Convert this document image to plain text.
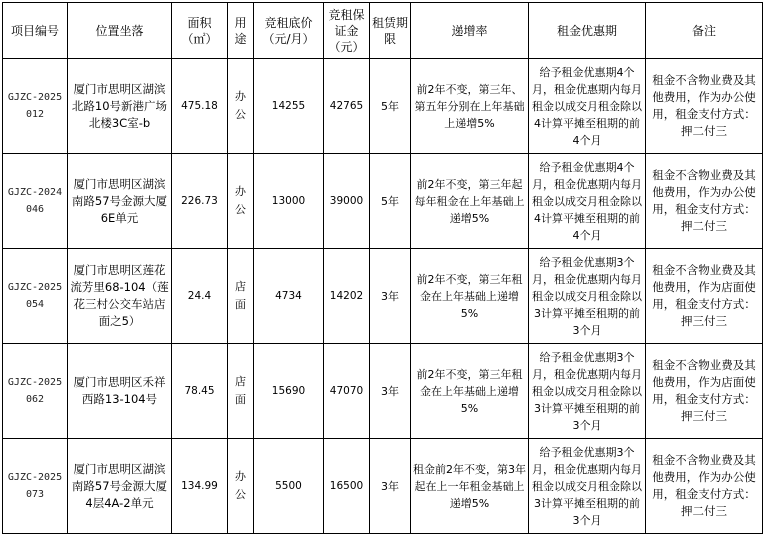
项目编号	位置坐落	面积（㎡）	用途	竞租底价（元/月）	竞租保证金（元）	租赁期限	递增率	租金优惠期	备注
GJZC-2025012	厦门市思明区湖滨北路10号新港广场北楼3C室-b	475.18	办公	14255	42765	5年	前2年不变，第三年、第五年分别在上年基础上递增5%	给予租金优惠期4个月，租金优惠期内每月租金以成交月租金除以4计算平摊至租期的前4个月	租金不含物业费及其他费用，作为办公使用，租金支付方式：押二付三
GJZC-2024046	厦门市思明区湖滨南路57号金源大厦6E单元	226.73	办公	13000	39000	5年	前2年不变，第三年起每年租金在上年基础上递增5%	给予租金优惠期4个月，租金优惠期内每月租金以成交月租金除以4计算平摊至租期的前4个月	租金不含物业费及其他费用，作为办公使用，租金支付方式：押二付三
GJZC-2025054	厦门市思明区莲花流芳里68-104（莲花三村公交车站店面之5）	24.4	店面	4734	14202	3年	前2年不变，第三年租金在上年基础上递增5%	给予租金优惠期3个月，租金优惠期内每月租金以成交月租金除以3计算平摊至租期的前3个月	租金不含物业费及其他费用，作为店面使用，租金支付方式：押三付三
GJZC-2025062	厦门市思明区禾祥西路13-104号	78.45	店面	15690	47070	3年	前2年不变，第三年租金在上年基础上递增5%	给予租金优惠期3个月，租金优惠期内每月租金以成交月租金除以3计算平摊至租期的前3个月	租金不含物业费及其他费用，作为店面使用，租金支付方式：押三付三
GJZC-2025073	厦门市思明区湖滨南路57号金源大厦4层4A-2单元	134.99	办公	5500	16500	3年	租金前2年不变，第3年起在上一年租金基础上递增5%	给予租金优惠期3个月，租金优惠期内每月租金以成交月租金除以3计算平摊至租期的前3个月	租金不含物业费及其他费用，作为办公使用，租金支付方式：押二付三
